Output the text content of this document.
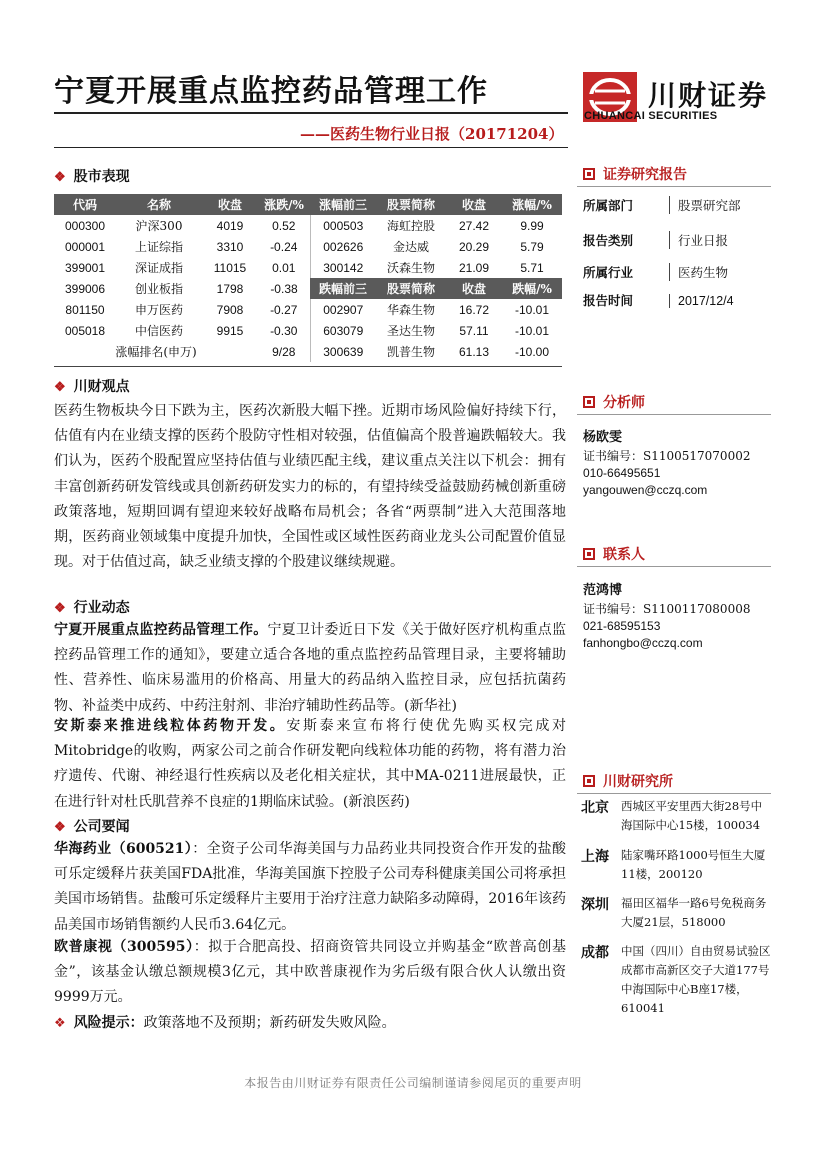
宁夏开展重点监控药品管理工作
——医药生物行业日报（20171204）
川财证券
CHUANCAI SECURITIES
❖ 股市表现
代码	名称	收盘	涨跌/%	涨幅前三	股票简称	收盘	涨幅/%
000300	沪深300	4019	0.52	000503	海虹控股	27.42	9.99
000001	上证综指	3310	-0.24	002626	金达威	20.29	5.79
399001	深证成指	11015	0.01	300142	沃森生物	21.09	5.71
399006	创业板指	1798	-0.38	跌幅前三	股票简称	收盘	跌幅/%
801150	申万医药	7908	-0.27	002907	华森生物	16.72	-10.01
005018	中信医药	9915	-0.30	603079	圣达生物	57.11	-10.01
涨幅排名(申万)			9/28	300639	凯普生物	61.13	-10.00
❖ 川财观点
医药生物板块今日下跌为主，医药次新股大幅下挫。近期市场风险偏好持续下行，估值有内在业绩支撑的医药个股防守性相对较强，估值偏高个股普遍跌幅较大。我们认为，医药个股配置应坚持估值与业绩匹配主线，建议重点关注以下机会：拥有丰富创新药研发管线或具创新药研发实力的标的，有望持续受益鼓励药械创新重磅政策落地，短期回调有望迎来较好战略布局机会；各省“两票制”进入大范围落地期，医药商业领域集中度提升加快，全国性或区域性医药商业龙头公司配置价值显现。对于估值过高，缺乏业绩支撑的个股建议继续规避。
❖ 行业动态
宁夏开展重点监控药品管理工作。宁夏卫计委近日下发《关于做好医疗机构重点监控药品管理工作的通知》，要建立适合各地的重点监控药品管理目录，主要将辅助性、营养性、临床易滥用的价格高、用量大的药品纳入监控目录，应包括抗菌药物、补益类中成药、中药注射剂、非治疗辅助性药品等。(新华社)
安斯泰来推进线粒体药物开发。安斯泰来宣布将行使优先购买权完成对Mitobridge的收购，两家公司之前合作研发靶向线粒体功能的药物，将有潜力治疗遗传、代谢、神经退行性疾病以及老化相关症状，其中MA-0211进展最快，正在进行针对杜氏肌营养不良症的1期临床试验。(新浪医药)
❖ 公司要闻
华海药业（600521）：全资子公司华海美国与力品药业共同投资合作开发的盐酸可乐定缓释片获美国FDA批准，华海美国旗下控股子公司寿科健康美国公司将承担美国市场销售。盐酸可乐定缓释片主要用于治疗注意力缺陷多动障碍，2016年该药品美国市场销售额约人民币3.64亿元。
欧普康视（300595）：拟于合肥高投、招商资管共同设立并购基金“欧普高创基金”，该基金认缴总额规模3亿元，其中欧普康视作为劣后级有限合伙人认缴出资9999万元。
❖ 风险提示：政策落地不及预期；新药研发失败风险。
证券研究报告
所属部门	股票研究部
报告类别	行业日报
所属行业	医药生物
报告时间	2017/12/4
分析师
杨欧雯
证书编号：S1100517070002
010-66495651
yangouwen@cczq.com
联系人
范鸿博
证书编号：S1100117080008
021-68595153
fanhongbo@cczq.com
川财研究所
北京 西城区平安里西大街28号中海国际中心15楼，100034
上海 陆家嘴环路1000号恒生大厦11楼，200120
深圳 福田区福华一路6号免税商务大厦21层，518000
成都 中国（四川）自由贸易试验区成都市高新区交子大道177号中海国际中心B座17楼，610041
本报告由川财证券有限责任公司编制谨请参阅尾页的重要声明
